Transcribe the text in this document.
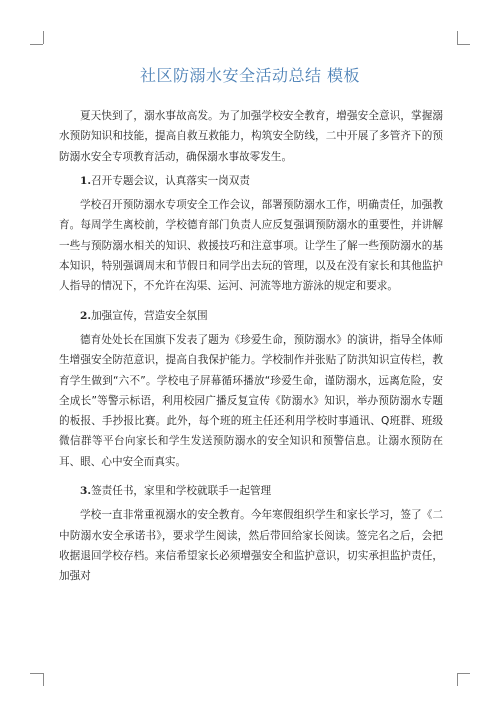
社区防溺水安全活动总结 模板

夏天快到了，溺水事故高发。为了加强学校安全教育，增强安全意识，掌握溺水预防知识和技能，提高自救互救能力，构筑安全防线，二中开展了多管齐下的预防溺水安全专项教育活动，确保溺水事故零发生。

1.召开专题会议，认真落实一岗双责

学校召开预防溺水专项安全工作会议，部署预防溺水工作，明确责任，加强教育。每周学生离校前，学校德育部门负责人应反复强调预防溺水的重要性，并讲解一些与预防溺水相关的知识、救援技巧和注意事项。让学生了解一些预防溺水的基本知识，特别强调周末和节假日和同学出去玩的管理，以及在没有家长和其他监护人指导的情况下，不允许在沟渠、运河、河流等地方游泳的规定和要求。

2.加强宣传，营造安全氛围

德育处处长在国旗下发表了题为《珍爱生命，预防溺水》的演讲，指导全体师生增强安全防范意识，提高自我保护能力。学校制作并张贴了防洪知识宣传栏，教育学生做到“六不”。学校电子屏幕循环播放“珍爱生命，谨防溺水，远离危险，安全成长”等警示标语，利用校园广播反复宣传《防溺水》知识，举办预防溺水专题的板报、手抄报比赛。此外，每个班的班主任还利用学校时事通讯、Q班群、班级微信群等平台向家长和学生发送预防溺水的安全知识和预警信息。让溺水预防在耳、眼、心中安全而真实。

3.签责任书，家里和学校就联手一起管理

学校一直非常重视溺水的安全教育。今年寒假组织学生和家长学习，签了《二中防溺水安全承诺书》，要求学生阅读，然后带回给家长阅读。签完名之后，会把收据退回学校存档。来信希望家长必须增强安全和监护意识，切实承担监护责任，加强对
